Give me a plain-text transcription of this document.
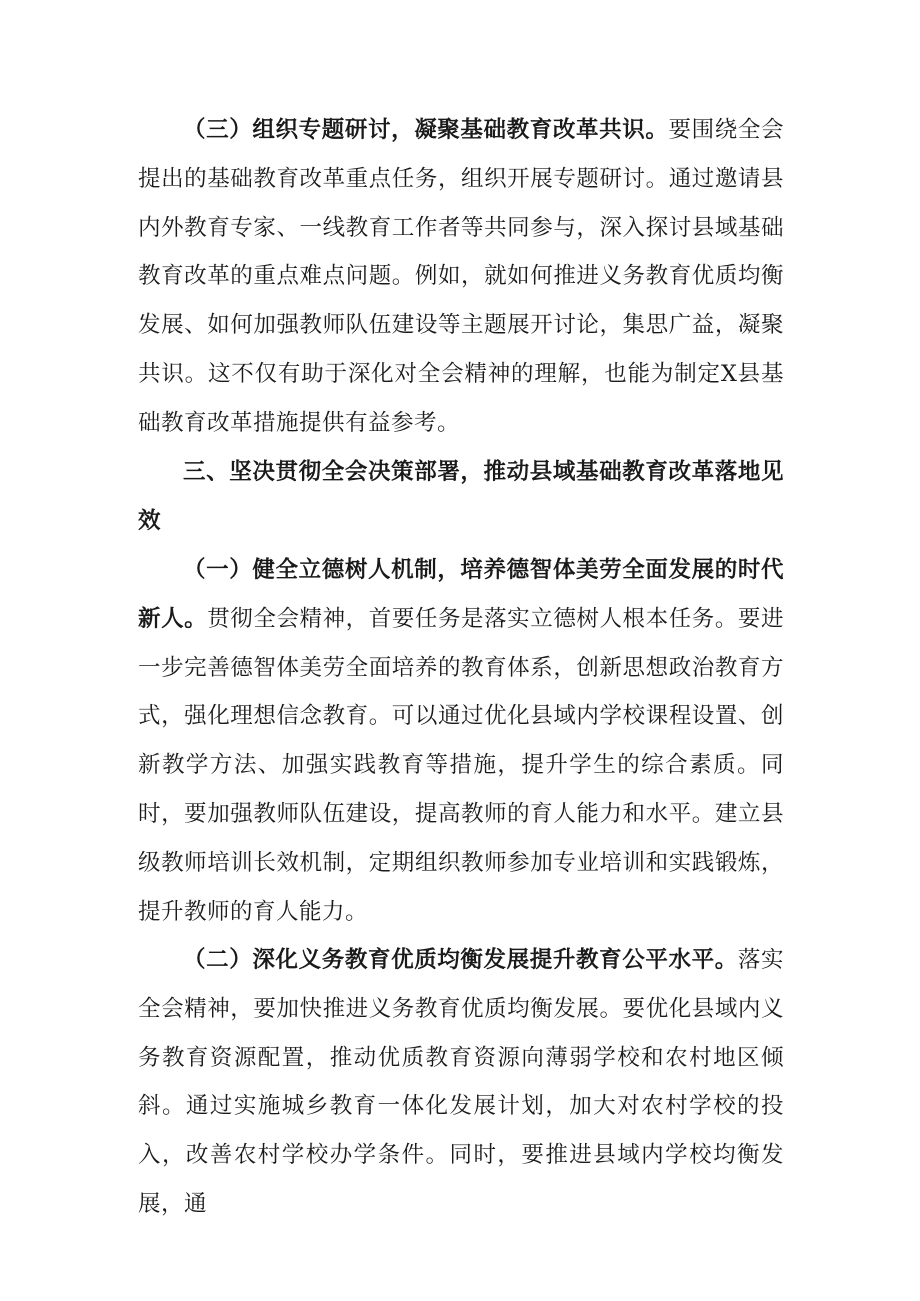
（三）组织专题研讨，凝聚基础教育改革共识。要围绕全会提出的基础教育改革重点任务，组织开展专题研讨。通过邀请县内外教育专家、一线教育工作者等共同参与，深入探讨县域基础教育改革的重点难点问题。例如，就如何推进义务教育优质均衡发展、如何加强教师队伍建设等主题展开讨论，集思广益，凝聚共识。这不仅有助于深化对全会精神的理解，也能为制定X县基础教育改革措施提供有益参考。

三、坚决贯彻全会决策部署，推动县域基础教育改革落地见效

（一）健全立德树人机制，培养德智体美劳全面发展的时代新人。贯彻全会精神，首要任务是落实立德树人根本任务。要进一步完善德智体美劳全面培养的教育体系，创新思想政治教育方式，强化理想信念教育。可以通过优化县域内学校课程设置、创新教学方法、加强实践教育等措施，提升学生的综合素质。同时，要加强教师队伍建设，提高教师的育人能力和水平。建立县级教师培训长效机制，定期组织教师参加专业培训和实践锻炼，提升教师的育人能力。

（二）深化义务教育优质均衡发展提升教育公平水平。落实全会精神，要加快推进义务教育优质均衡发展。要优化县域内义务教育资源配置，推动优质教育资源向薄弱学校和农村地区倾斜。通过实施城乡教育一体化发展计划，加大对农村学校的投入，改善农村学校办学条件。同时，要推进县域内学校均衡发展，通
